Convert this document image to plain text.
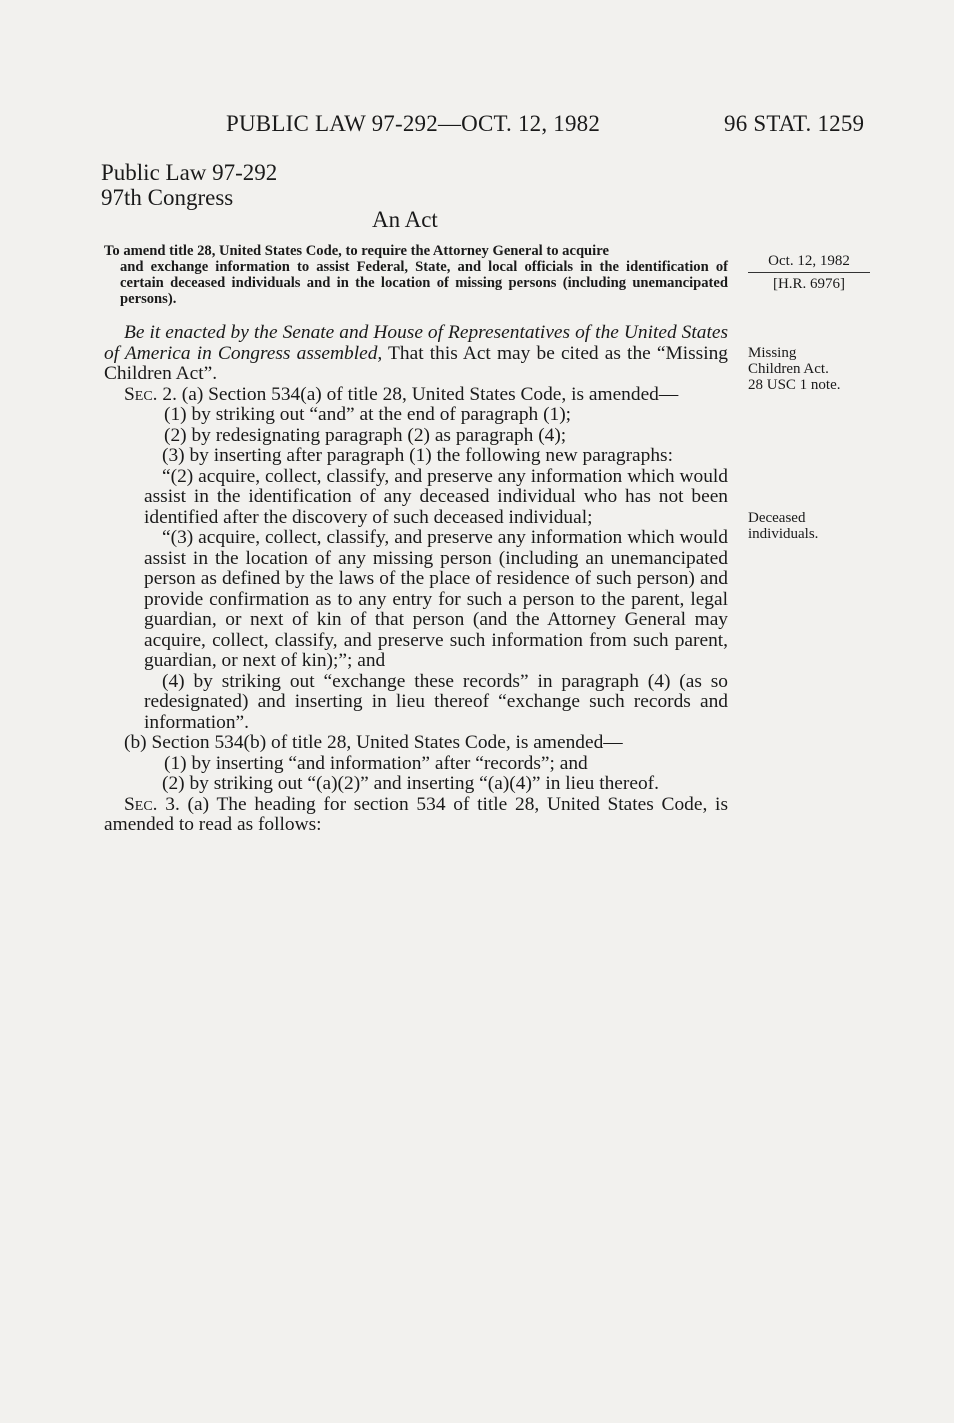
PUBLIC LAW 97-292—OCT. 12, 1982	96 STAT. 1259
Public Law 97-292
97th Congress
An Act
To amend title 28, United States Code, to require the Attorney General to acquire
and exchange information to assist Federal, State, and local officials in the identification of certain deceased individuals and in the location of missing persons (including unemancipated persons).
Oct. 12, 1982
[H.R. 6976]
Missing
Children Act.
28 USC 1 note.
Deceased
individuals.

Be it enacted by the Senate and House of Representatives of the United States of America in Congress assembled, That this Act may be cited as the “Missing Children Act”.

Sec. 2. (a) Section 534(a) of title 28, United States Code, is amended—

(1) by striking out “and” at the end of paragraph (1);

(2) by redesignating paragraph (2) as paragraph (4);

(3) by inserting after paragraph (1) the following new paragraphs:

“(2) acquire, collect, classify, and preserve any information which would assist in the identification of any deceased individual who has not been identified after the discovery of such deceased individual;

“(3) acquire, collect, classify, and preserve any information which would assist in the location of any missing person (including an unemancipated person as defined by the laws of the place of residence of such person) and provide confirmation as to any entry for such a person to the parent, legal guardian, or next of kin of that person (and the Attorney General may acquire, collect, classify, and preserve such information from such parent, guardian, or next of kin);”; and

(4) by striking out “exchange these records” in paragraph (4) (as so redesignated) and inserting in lieu thereof “exchange such records and information”.

(b) Section 534(b) of title 28, United States Code, is amended—

(1) by inserting “and information” after “records”; and

(2) by striking out “(a)(2)” and inserting “(a)(4)” in lieu thereof.

Sec. 3. (a) The heading for section 534 of title 28, United States Code, is amended to read as follows:
